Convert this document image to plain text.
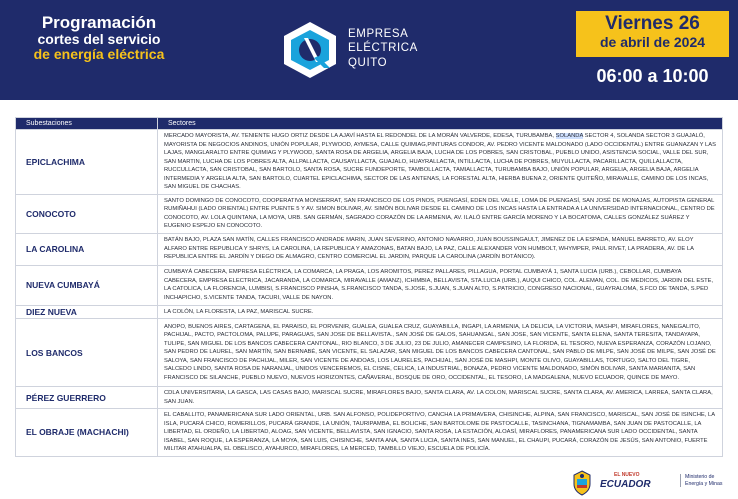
Programación
cortes del servicio
de energía eléctrica
EMPRESA
ELÉCTRICA
QUITO
Viernes 26
de abril de 2024
06:00 a 10:00
Subestaciones	Sectores
EPICLACHIMA	MERCADO MAYORISTA, AV. TENIENTE HUGO ORTIZ DESDE LA AJAVÍ HASTA EL REDONDEL DE LA MORÁN VALVERDE, EDESA, TURUBAMBA, SOLANDA SECTOR 4, SOLANDA SECTOR 3 GUAJALÓ, MAYORISTA DE NEGOCIOS ANDINOS, UNIÓN POPULAR, PLYWOOD, AYMESA, CALLE QUIMIAG,PINTURAS CONDOR, AV. PEDRO VICENTE MALDONADO (LADO OCCIDENTAL) ENTRE GUANAZAN Y LAS LAJAS, MANGLARALTO ENTRE QUIMIAG Y PLYWOOD, SANTA ROSA DE ARGELIA, ARGELIA BAJA, LUCHA DE LOS POBRES, SAN CRISTOBAL, PUEBLO UNIDO, ASISTENCIA SOCIAL, VALLE DEL SUR, SAN MARTIN, LUCHA DE LOS POBRES ALTA, ALLPALLACTA, CAUSAYLLACTA, GUAJALO, HUAYRALLACTA, INTILLACTA, LUCHA DE POBRES, MUYULLACTA, PACARILLACTA, QUILLALLACTA, RUCCULLACTA, SAN CRISTOBAL, SAN BARTOLO, SANTA ROSA, SUCRE FUNDEPORTE, TAMBOLLACTA, TAMIALLACTA, TURUBAMBA BAJO, UNIÓN POPULAR, ARGELIA, ARGELIA BAJA, ARGELIA INTERMEDIA Y ARGELIA ALTA, SAN BARTOLO, CUARTEL EPICLACHIMA, SECTOR DE LAS ANTENAS, LA FORESTAL ALTA, HIERBA BUENA 2, ORIENTE QUITEÑO, MIRAVALLE, CAMINO DE LOS INCAS, SAN MIGUEL DE CHACHAS.
CONOCOTO	SANTO DOMINGO DE CONOCOTO, COOPERATIVA MONSERRAT, SAN FRANCISCO DE LOS PINOS, PUENGASÍ, EDEN DEL VALLE, LOMA DE PUENGASÍ, SAN JOSÉ DE MONAJAS, AUTOPISTA GENERAL RUMIÑAHUI (LADO ORIENTAL) ENTRE PUENTE 5 Y AV. SIMON BOLIVAR, AV. SIMÓN BOLIVAR DESDE EL CAMINO DE LOS INCAS HASTA LA ENTRADA A LA UNIVERSIDAD INTERNACIONAL, CENTRO DE CONOCOTO, AV. LOLA QUINTANA, LA MOYA, URB. SAN GERMÁN, SAGRADO CORAZÓN DE LA ARMENIA, AV. ILALÓ ENTRE GARCÍA MORENO Y LA BOCATOMA, CALLES GONZÁLEZ SUÁREZ Y EUGENIO ESPEJO EN CONOCOTO.
LA CAROLINA	BATÁN BAJO, PLAZA SAN MATÍN, CALLES FRANCISCO ANDRADE MARIN, JUAN SEVERINO, ANTONIO NAVARRO, JUAN BOUSSINGAULT, JIMENEZ DE LA ESPADA, MANUEL BARRETO, AV. ELOY ALFARO ENTRE REPUBLICA Y SHRYS, LA CAROLINA, LA REPUBLICA Y AMAZONAS, BATAN BAJO, LA PAZ, CALLE ALEXANDER VON HUMBOLT, WHYMPER, PAUL RIVET, LA PRADERA, AV. DE LA REPUBLICA ENTRE EL JARDÍN Y DIEGO DE ALMAGRO, CENTRO COMERCIAL EL JARDIN, PARQUE LA CAROLINA (JARDÍN BOTÁNICO).
NUEVA CUMBAYÁ	CUMBAYÁ CABECERA, EMPRESA ELÉCTRICA, LA COMARCA, LA PRAGA, LOS AROMITOS, PEREZ PALLARES, PILLAGUA, PORTAL CUMBAYÁ 1, SANTA LUCIA (URB.), CEBOLLAR, CUMBAYA CABECERA, EMPRESA ELECTRICA, JACARANDA, LA COMARCA, MIRAVALLE (AMANZ), ICHIMBIA, BELLAVISTA, STA.LUCIA (URB.), AUQUI CHICO, COL. ALEMAN, COL. DE MEDICOS, JARDIN DEL ESTE, LA CATOLICA, LA FLORENCIA, LUMBISI, S.FRANCISCO PINSHA, S.FRANCISCO TANDA, S.JOSE, S.JUAN, S.JUAN ALTO, S.PATRICIO, CONGRESO NACIONAL, GUAYRALOMA, S.FCO DE TANDA, S.PED INCHAPICHO, S.VICENTE TANDA, TACURI, VALLE DE NAYON.
DIEZ NUEVA	LA COLÓN, LA FLORESTA, LA PAZ, MARISCAL SUCRE.
LOS BANCOS	ANOPO, BUENOS AIRES, CARTAGENA, EL PARAISO, EL PORVENIR, GUALEA, GUALEA CRUZ, GUAYABILLA, INGAPI, LA ARMENIA, LA DELICIA, LA VICTORIA, MASHPI, MIRAFLORES, NANEGALITO, PACHIJAL, PACTO, PACTOLOMA, PALUPE, PARAGUAS, SAN JOSE DE BELLAVISTA., SAN JOSÉ DE GALOS, SAHUANGAL, SAN JOSE, SAN VICENTE, SANTA ELENA, SANTA TERESITA, TANDAYAPA, TULIPE, SAN MIGUEL DE LOS BANCOS CABECERA CANTONAL, RIO BLANCO, 3 DE JULIO, 23 DE JULIO, AMANECER CAMPESINO, LA FLORIDA, EL TESORO, NUEVA ESPERANZA, CORAZÓN LOJANO, SAN PEDRO DE LAUREL, SAN MARTÍN, SAN BERNABÉ, SAN VICENTE, EL SALAZAR, SAN MIGUEL DE LOS BANCOS CABECERA CANTONAL, SAN PABLO DE MILPE, SAN JOSÉ DE MILPE, SAN JOSÉ DE SALOYA, SAN FRANCISCO DE PACHIJAL, MILER, SAN VICENTE DE ANDOAS, LOS LAURELES, PACHIJAL, SAN JOSÉ DE MASHPI, MONTE OLIVO, GUAYABILLAS, TORTUGO, SALTO DEL TIGRE, SALCEDO LINDO, SANTA ROSA DE NARANJAL, UNIDOS VENCEREMOS, EL CISNE, CELICA, LA INDUSTRIAL, BONAZA, PEDRO VICENTE MALDONADO, SIMÓN BOLIVAR, SANTA MARIANITA, SAN FRANCISCO DE SILANCHE, PUEBLO NUEVO, NUEVOS HORIZONTES, CAÑAVERAL, BOSQUE DE ORO, OCCIDENTAL, EL TESORO, LA MADGALENA, NUEVO ECUADOR, QUINCE DE MAYO.
PÉREZ GUERRERO	CDLA UNIVERSITARIA, LA GASCA, LAS CASAS BAJO, MARISCAL SUCRE, MIRAFLORES BAJO, SANTA CLARA, AV. LA COLON, MARISCAL SUCRE, SANTA CLARA, AV. AMERICA, LARREA, SANTA CLARA, SAN JUAN.
EL OBRAJE (MACHACHI)	EL CABALLITO, PANAMERICANA SUR LADO ORIENTAL, URB. SAN ALFONSO, POLIDEPORTIVO, CANCHA LA PRIMAVERA, CHISINCHE, ALPINA, SAN FRANCISCO, MARISCAL, SAN JOSÉ DE ISINCHE, LA ISLA, PUCARÁ CHICO, ROMERILLOS, PUCARÁ GRANDE, LA UNIÓN, TAURIPAMBA, EL BOLICHE, SAN BARTOLOME DE PASTOCALLE, TASINCHANA, TIGNAMAMBA, SAN JUAN DE PASTOCALLE, LA LIBERTAD, EL ORDEÑO, LA LIBERTAD, ALOAG, SAN VICENTE, BELLAVISTA, SAN IGNACIO, SANTA ROSA, LA ESTACIÓN, ALOASÍ, MIRAFLORES, PANAMERICANA SUR LADO OCCIDENTAL, SANTA ISABEL, SAN ROQUE, LA ESPERANZA, LA MOYA, SAN LUIS, CHISINCHE, SANTA ANA, SANTA LUCIA, SANTA INES, SAN MANUEL, EL CHAUPI, PUCARÁ, CORAZÓN DE JESÚS, SAN ANTONIO, FUERTE MILITAR ATAHUALPA, EL OBELISCO, AYAHURCO, MIRAFLORES, LA MERCED, TAMBILLO VIEJO, ESCUELA DE POLICÍA.
EL NUEVO
ECUADOR
Ministerio de
Energía y Minas
